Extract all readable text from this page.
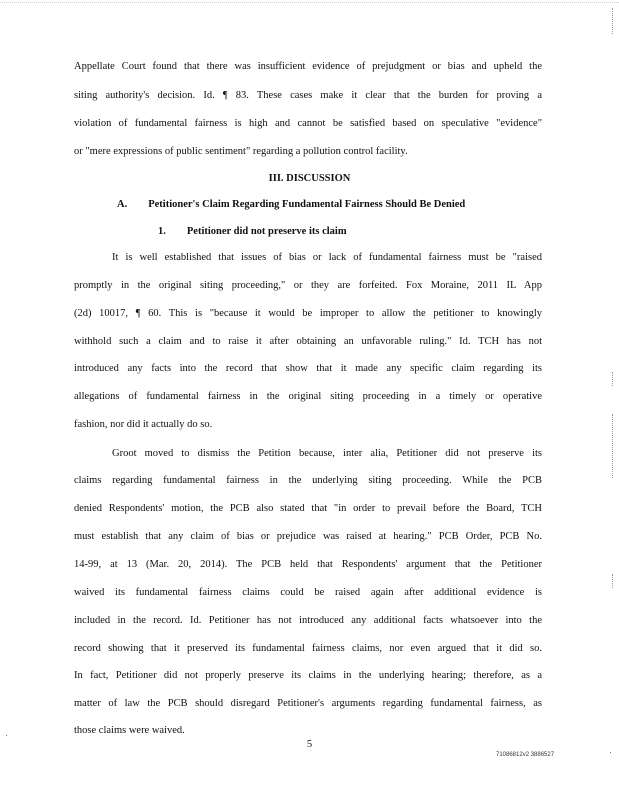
Appellate Court found that there was insufficient evidence of prejudgment or bias and upheld the
siting authority's decision. Id. ¶ 83. These cases make it clear that the burden for proving a
violation of fundamental fairness is high and cannot be satisfied based on speculative "evidence"
or "mere expressions of public sentiment" regarding a pollution control facility.
III. DISCUSSION
A.        Petitioner's Claim Regarding Fundamental Fairness Should Be Denied
1.        Petitioner did not preserve its claim
It is well established that issues of bias or lack of fundamental fairness must be "raised
promptly in the original siting proceeding," or they are forfeited. Fox Moraine, 2011 IL App
(2d) 10017, ¶ 60. This is "because it would be improper to allow the petitioner to knowingly
withhold such a claim and to raise it after obtaining an unfavorable ruling." Id. TCH has not
introduced any facts into the record that show that it made any specific claim regarding its
allegations of fundamental fairness in the original siting proceeding in a timely or operative
fashion, nor did it actually do so.
Groot moved to dismiss the Petition because, inter alia, Petitioner did not preserve its
claims regarding fundamental fairness in the underlying siting proceeding. While the PCB
denied Respondents' motion, the PCB also stated that "in order to prevail before the Board, TCH
must establish that any claim of bias or prejudice was raised at hearing." PCB Order, PCB No.
14-99, at 13 (Mar. 20, 2014). The PCB held that Respondents' argument that the Petitioner
waived its fundamental fairness claims could be raised again after additional evidence is
included in the record. Id. Petitioner has not introduced any additional facts whatsoever into the
record showing that it preserved its fundamental fairness claims, nor even argued that it did so.
In fact, Petitioner did not properly preserve its claims in the underlying hearing; therefore, as a
matter of law the PCB should disregard Petitioner's arguments regarding fundamental fairness, as
those claims were waived.
5
71086812v2 3886527
